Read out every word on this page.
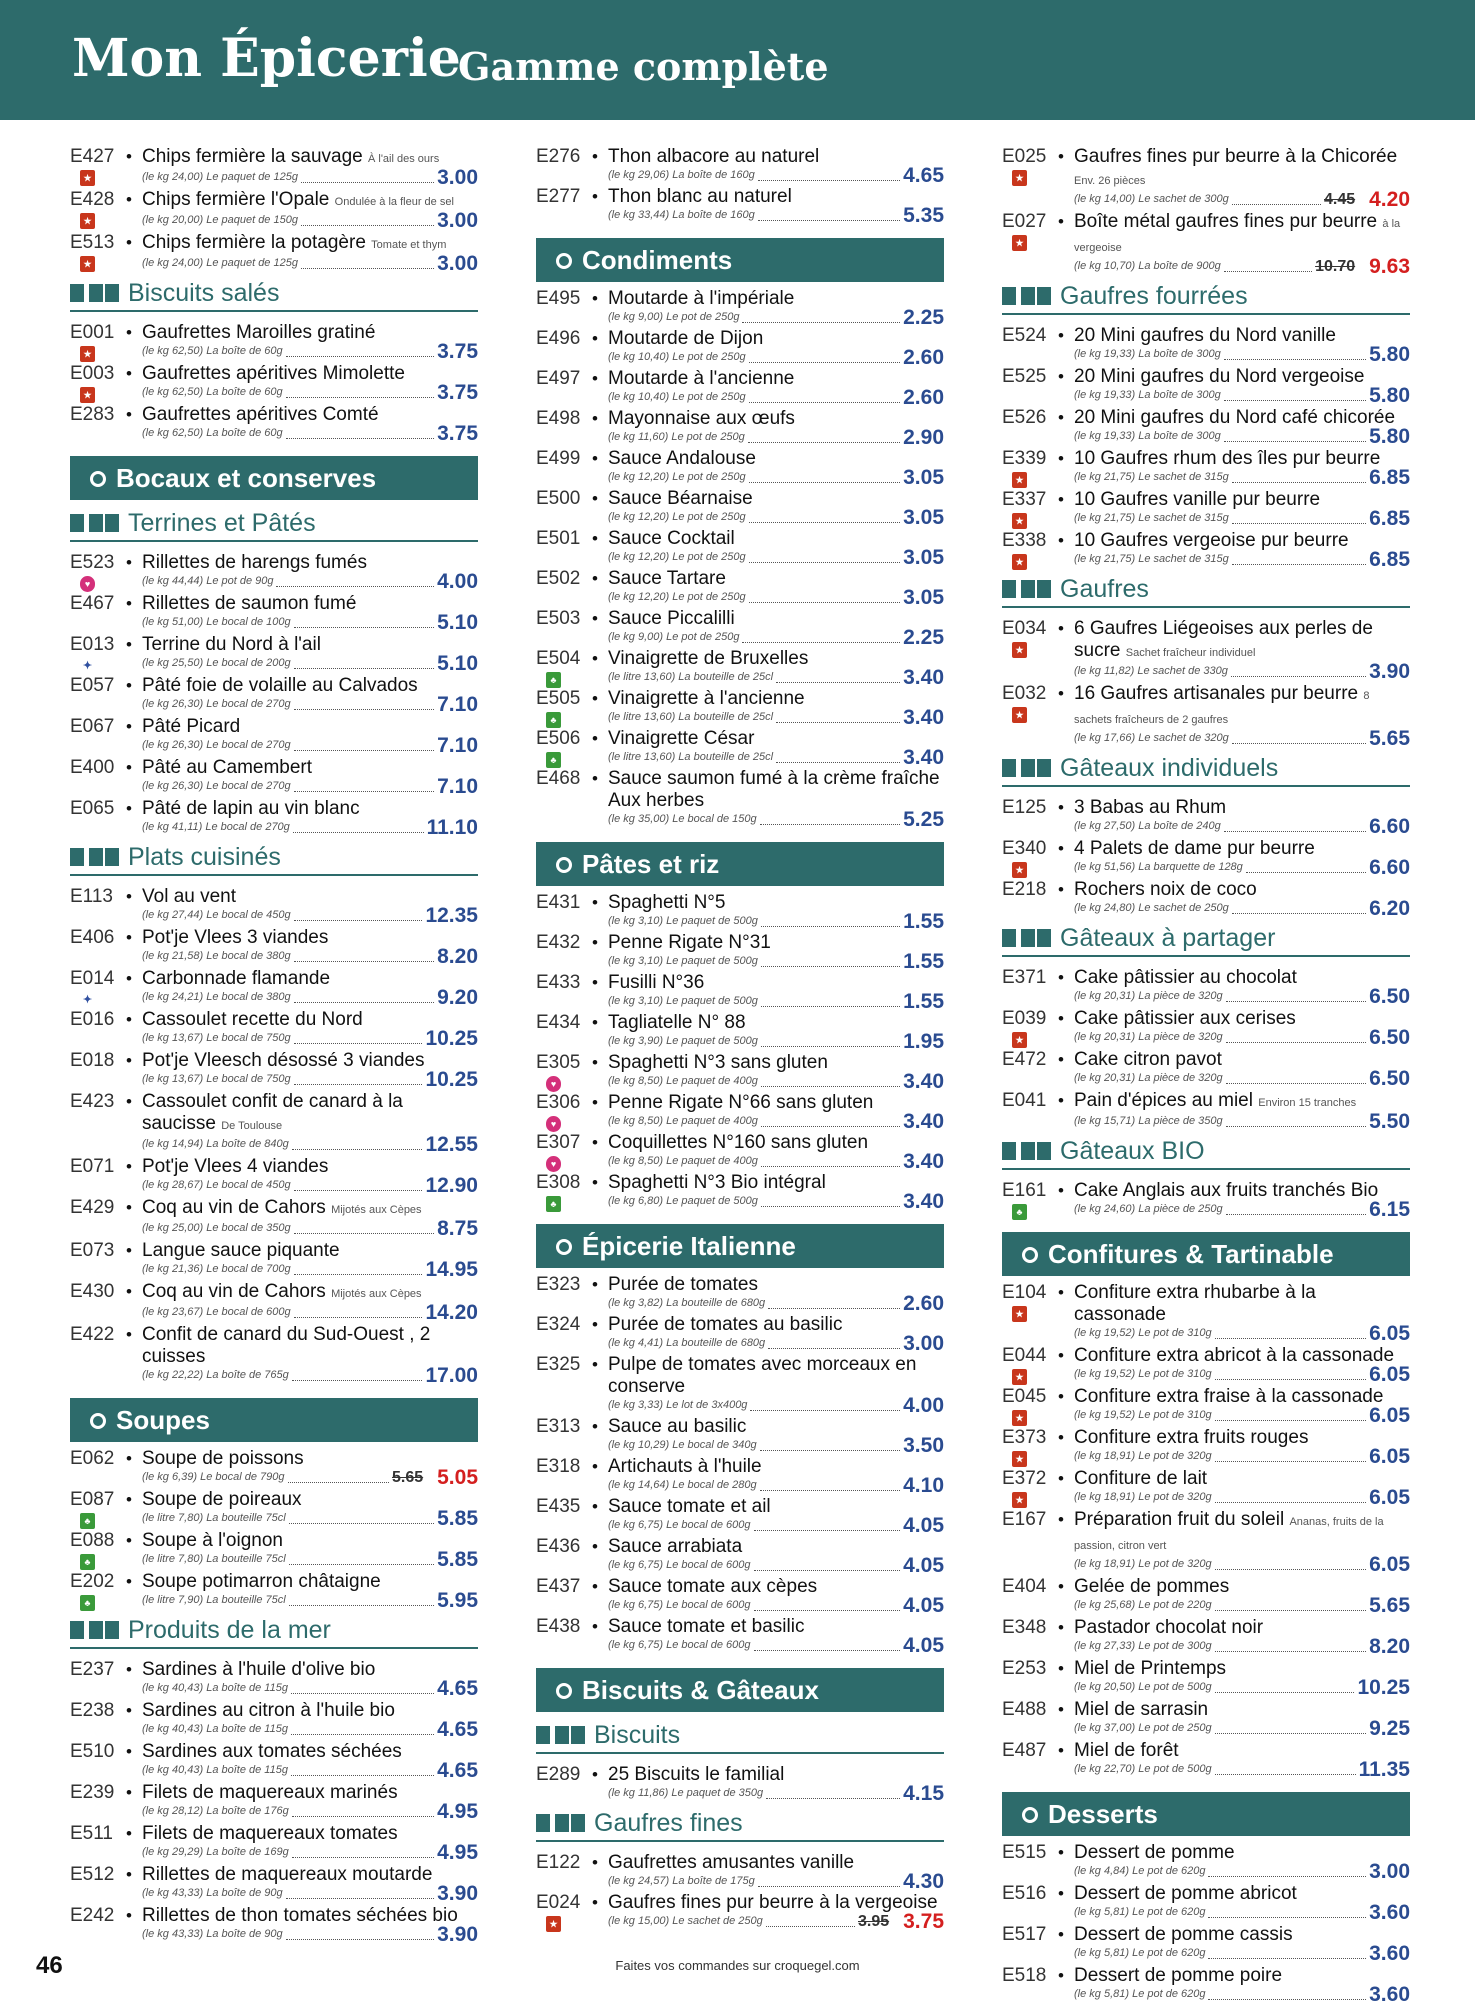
Mon Épicerie
Gamme complète
E427
★
• Chips fermière la sauvage À l'ail des ours
(le kg 24,00) Le paquet de 125g	3.00
E428
★
• Chips fermière l'Opale Ondulée à la fleur de sel
(le kg 20,00) Le paquet de 150g	3.00
E513
★
• Chips fermière la potagère Tomate et thym
(le kg 24,00) Le paquet de 125g	3.00
Biscuits salés
E001
★
• Gaufrettes Maroilles gratiné
(le kg 62,50) La boîte de 60g	3.75
E003
★
• Gaufrettes apéritives Mimolette
(le kg 62,50) La boîte de 60g	3.75
E283 • Gaufrettes apéritives Comté
(le kg 62,50) La boîte de 60g	3.75
Bocaux et conserves
Terrines et Pâtés
E523
♥
• Rillettes de harengs fumés
(le kg 44,44) Le pot de 90g	4.00
E467 • Rillettes de saumon fumé
(le kg 51,00) Le bocal de 100g	5.10
E013
✦
• Terrine du Nord à l'ail
(le kg 25,50) Le bocal de 200g	5.10
E057 • Pâté foie de volaille au Calvados
(le kg 26,30) Le bocal de 270g	7.10
E067 • Pâté Picard
(le kg 26,30) Le bocal de 270g	7.10
E400 • Pâté au Camembert
(le kg 26,30) Le bocal de 270g	7.10
E065 • Pâté de lapin au vin blanc
(le kg 41,11) Le bocal de 270g	11.10
Plats cuisinés
E113 • Vol au vent
(le kg 27,44) Le bocal de 450g	12.35
E406 • Pot'je Vlees 3 viandes
(le kg 21,58) Le bocal de 380g	8.20
E014
✦
• Carbonnade flamande
(le kg 24,21) Le bocal de 380g	9.20
E016 • Cassoulet recette du Nord
(le kg 13,67) Le bocal de 750g	10.25
E018 • Pot'je Vleesch désossé 3 viandes
(le kg 13,67) Le bocal de 750g	10.25
E423 • Cassoulet confit de canard à la saucisse De Toulouse
(le kg 14,94) La boîte de 840g	12.55
E071 • Pot'je Vlees 4 viandes
(le kg 28,67) Le bocal de 450g	12.90
E429 • Coq au vin de Cahors Mijotés aux Cèpes
(le kg 25,00) Le bocal de 350g	8.75
E073 • Langue sauce piquante
(le kg 21,36) Le bocal de 700g	14.95
E430 • Coq au vin de Cahors Mijotés aux Cèpes
(le kg 23,67) Le bocal de 600g	14.20
E422 • Confit de canard du Sud-Ouest , 2 cuisses
(le kg 22,22) La boîte de 765g	17.00
Soupes
E062 • Soupe de poissons
(le kg 6,39) Le bocal de 790g	5.65 5.05
E087
♣
• Soupe de poireaux
(le litre 7,80) La bouteille 75cl	5.85
E088
♣
• Soupe à l'oignon
(le litre 7,80) La bouteille 75cl	5.85
E202
♣
• Soupe potimarron châtaigne
(le litre 7,90) La bouteille 75cl	5.95
Produits de la mer
E237 • Sardines à l'huile d'olive bio
(le kg 40,43) La boîte de 115g	4.65
E238 • Sardines au citron à l'huile bio
(le kg 40,43) La boîte de 115g	4.65
E510 • Sardines aux tomates séchées
(le kg 40,43) La boîte de 115g	4.65
E239 • Filets de maquereaux marinés
(le kg 28,12) La boîte de 176g	4.95
E511 • Filets de maquereaux tomates
(le kg 29,29) La boîte de 169g	4.95
E512 • Rillettes de maquereaux moutarde
(le kg 43,33) La boîte de 90g	3.90
E242 • Rillettes de thon tomates séchées bio
(le kg 43,33) La boîte de 90g	3.90
E276 • Thon albacore au naturel
(le kg 29,06) La boîte de 160g	4.65
E277 • Thon blanc au naturel
(le kg 33,44) La boîte de 160g	5.35
Condiments
E495 • Moutarde à l'impériale
(le kg 9,00) Le pot de 250g	2.25
E496 • Moutarde de Dijon
(le kg 10,40) Le pot de 250g	2.60
E497 • Moutarde à l'ancienne
(le kg 10,40) Le pot de 250g	2.60
E498 • Mayonnaise aux œufs
(le kg 11,60) Le pot de 250g	2.90
E499 • Sauce Andalouse
(le kg 12,20) Le pot de 250g	3.05
E500 • Sauce Béarnaise
(le kg 12,20) Le pot de 250g	3.05
E501 • Sauce Cocktail
(le kg 12,20) Le pot de 250g	3.05
E502 • Sauce Tartare
(le kg 12,20) Le pot de 250g	3.05
E503 • Sauce Piccalilli
(le kg 9,00) Le pot de 250g	2.25
E504
♣
• Vinaigrette de Bruxelles
(le litre 13,60) La bouteille de 25cl	3.40
E505
♣
• Vinaigrette à l'ancienne
(le litre 13,60) La bouteille de 25cl	3.40
E506
♣
• Vinaigrette César
(le litre 13,60) La bouteille de 25cl	3.40
E468 • Sauce saumon fumé à la crème fraîche Aux herbes
(le kg 35,00) Le bocal de 150g	5.25
Pâtes et riz
E431 • Spaghetti N°5
(le kg 3,10) Le paquet de 500g	1.55
E432 • Penne Rigate N°31
(le kg 3,10) Le paquet de 500g	1.55
E433 • Fusilli N°36
(le kg 3,10) Le paquet de 500g	1.55
E434 • Tagliatelle N° 88
(le kg 3,90) Le paquet de 500g	1.95
E305
♥
• Spaghetti N°3 sans gluten
(le kg 8,50) Le paquet de 400g	3.40
E306
♥
• Penne Rigate N°66 sans gluten
(le kg 8,50) Le paquet de 400g	3.40
E307
♥
• Coquillettes N°160 sans gluten
(le kg 8,50) Le paquet de 400g	3.40
E308
♣
• Spaghetti N°3 Bio intégral
(le kg 6,80) Le paquet de 500g	3.40
Épicerie Italienne
E323 • Purée de tomates
(le kg 3,82) La bouteille de 680g	2.60
E324 • Purée de tomates au basilic
(le kg 4,41) La bouteille de 680g	3.00
E325 • Pulpe de tomates avec morceaux en conserve
(le kg 3,33) Le lot de 3x400g	4.00
E313 • Sauce au basilic
(le kg 10,29) Le bocal de 340g	3.50
E318 • Artichauts à l'huile
(le kg 14,64) Le bocal de 280g	4.10
E435 • Sauce tomate et ail
(le kg 6,75) Le bocal de 600g	4.05
E436 • Sauce arrabiata
(le kg 6,75) Le bocal de 600g	4.05
E437 • Sauce tomate aux cèpes
(le kg 6,75) Le bocal de 600g	4.05
E438 • Sauce tomate et basilic
(le kg 6,75) Le bocal de 600g	4.05
Biscuits & Gâteaux
Biscuits
E289 • 25 Biscuits le familial
(le kg 11,86) Le paquet de 350g	4.15
Gaufres fines
E122 • Gaufrettes amusantes vanille
(le kg 24,57) La boîte de 175g	4.30
E024
★
• Gaufres fines pur beurre à la vergeoise
(le kg 15,00) Le sachet de 250g	3.95 3.75
E025
★
• Gaufres fines pur beurre à la Chicorée Env. 26 pièces
(le kg 14,00) Le sachet de 300g	4.45 4.20
E027
★
• Boîte métal gaufres fines pur beurre à la vergeoise
(le kg 10,70) La boîte de 900g	10.70 9.63
Gaufres fourrées
E524 • 20 Mini gaufres du Nord vanille
(le kg 19,33) La boîte de 300g	5.80
E525 • 20 Mini gaufres du Nord vergeoise
(le kg 19,33) La boîte de 300g	5.80
E526 • 20 Mini gaufres du Nord café chicorée
(le kg 19,33) La boîte de 300g	5.80
E339
★
• 10 Gaufres rhum des îles pur beurre
(le kg 21,75) Le sachet de 315g	6.85
E337
★
• 10 Gaufres vanille pur beurre
(le kg 21,75) Le sachet de 315g	6.85
E338
★
• 10 Gaufres vergeoise pur beurre
(le kg 21,75) Le sachet de 315g	6.85
Gaufres
E034
★
• 6 Gaufres Liégeoises aux perles de sucre Sachet fraîcheur individuel
(le kg 11,82) Le sachet de 330g	3.90
E032
★
• 16 Gaufres artisanales pur beurre 8 sachets fraîcheurs de 2 gaufres
(le kg 17,66) Le sachet de 320g	5.65
Gâteaux individuels
E125 • 3 Babas au Rhum
(le kg 27,50) La boîte de 240g	6.60
E340
★
• 4 Palets de dame pur beurre
(le kg 51,56) La barquette de 128g	6.60
E218 • Rochers noix de coco
(le kg 24,80) Le sachet de 250g	6.20
Gâteaux à partager
E371 • Cake pâtissier au chocolat
(le kg 20,31) La pièce de 320g	6.50
E039
★
• Cake pâtissier aux cerises
(le kg 20,31) La pièce de 320g	6.50
E472 • Cake citron pavot
(le kg 20,31) La pièce de 320g	6.50
E041 • Pain d'épices au miel Environ 15 tranches
(le kg 15,71) La pièce de 350g	5.50
Gâteaux BIO
E161
♣
• Cake Anglais aux fruits tranchés Bio
(le kg 24,60) La pièce de 250g	6.15
Confitures & Tartinable
E104
★
• Confiture extra rhubarbe à la cassonade
(le kg 19,52) Le pot de 310g	6.05
E044
★
• Confiture extra abricot à la cassonade
(le kg 19,52) Le pot de 310g	6.05
E045
★
• Confiture extra fraise à la cassonade
(le kg 19,52) Le pot de 310g	6.05
E373
★
• Confiture extra fruits rouges
(le kg 18,91) Le pot de 320g	6.05
E372
★
• Confiture de lait
(le kg 18,91) Le pot de 320g	6.05
E167 • Préparation fruit du soleil Ananas, fruits de la passion, citron vert
(le kg 18,91) Le pot de 320g	6.05
E404 • Gelée de pommes
(le kg 25,68) Le pot de 220g	5.65
E348 • Pastador chocolat noir
(le kg 27,33) Le pot de 300g	8.20
E253 • Miel de Printemps
(le kg 20,50) Le pot de 500g	10.25
E488 • Miel de sarrasin
(le kg 37,00) Le pot de 250g	9.25
E487 • Miel de forêt
(le kg 22,70) Le pot de 500g	11.35
Desserts
E515 • Dessert de pomme
(le kg 4,84) Le pot de 620g	3.00
E516 • Dessert de pomme abricot
(le kg 5,81) Le pot de 620g	3.60
E517 • Dessert de pomme cassis
(le kg 5,81) Le pot de 620g	3.60
E518 • Dessert de pomme poire
(le kg 5,81) Le pot de 620g	3.60
46	Faites vos commandes sur croquegel.com
